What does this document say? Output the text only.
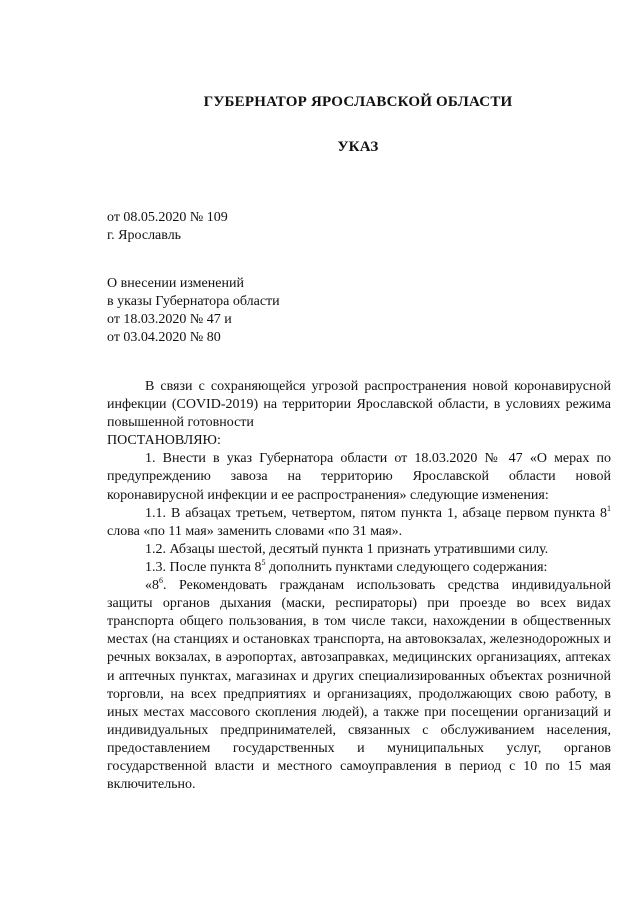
ГУБЕРНАТОР ЯРОСЛАВСКОЙ ОБЛАСТИ
УКАЗ
от 08.05.2020 № 109
г. Ярославль
О внесении изменений
в указы Губернатора области
от 18.03.2020 № 47 и
от 03.04.2020 № 80

В связи с сохраняющейся угрозой распространения новой коронавирусной инфекции (COVID-2019) на территории Ярославской области, в условиях режима повышенной готовности

ПОСТАНОВЛЯЮ:

1. Внести в указ Губернатора области от 18.03.2020 № 47 «О мерах по предупреждению завоза на территорию Ярославской области новой коронавирусной инфекции и ее распространения» следующие изменения:

1.1. В абзацах третьем, четвертом, пятом пункта 1, абзаце первом пункта $8^1$ слова «по 11 мая» заменить словами «по 31 мая».

1.2. Абзацы шестой, десятый пункта 1 признать утратившими силу.

1.3. После пункта $8^5$ дополнить пунктами следующего содержания:

«$8^6$. Рекомендовать гражданам использовать средства индивидуальной защиты органов дыхания (маски, респираторы) при проезде во всех видах транспорта общего пользования, в том числе такси, нахождении в общественных местах (на станциях и остановках транспорта, на автовокзалах, железнодорожных и речных вокзалах, в аэропортах, автозаправках, медицинских организациях, аптеках и аптечных пунктах, магазинах и других специализированных объектах розничной торговли, на всех предприятиях и организациях, продолжающих свою работу, в иных местах массового скопления людей), а также при посещении организаций и индивидуальных предпринимателей, связанных с обслуживанием населения, предоставлением государственных и муниципальных услуг, органов государственной власти и местного самоуправления в период с 10 по 15 мая включительно.
